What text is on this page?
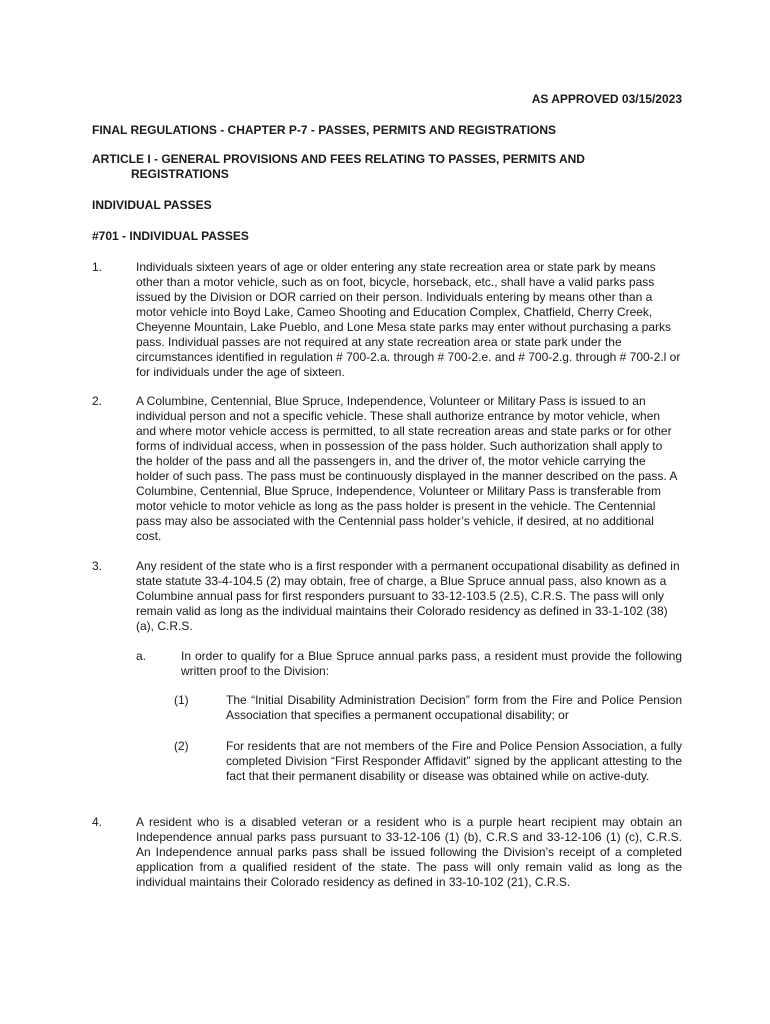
AS APPROVED 03/15/2023
FINAL REGULATIONS - CHAPTER P-7 - PASSES, PERMITS AND REGISTRATIONS
ARTICLE I - GENERAL PROVISIONS AND FEES RELATING TO PASSES, PERMITS AND
REGISTRATIONS
INDIVIDUAL PASSES
#701 - INDIVIDUAL PASSES
1.	Individuals sixteen years of age or older entering any state recreation area or state park by means other than a motor vehicle, such as on foot, bicycle, horseback, etc., shall have a valid parks pass issued by the Division or DOR carried on their person. Individuals entering by means other than a motor vehicle into Boyd Lake, Cameo Shooting and Education Complex, Chatfield, Cherry Creek, Cheyenne Mountain, Lake Pueblo, and Lone Mesa state parks may enter without purchasing a parks pass. Individual passes are not required at any state recreation area or state park under the circumstances identified in regulation # 700-2.a. through # 700-2.e. and # 700-2.g. through # 700-2.l or for individuals under the age of sixteen.
2.	A Columbine, Centennial, Blue Spruce, Independence, Volunteer or Military Pass is issued to an individual person and not a specific vehicle. These shall authorize entrance by motor vehicle, when and where motor vehicle access is permitted, to all state recreation areas and state parks or for other forms of individual access, when in possession of the pass holder. Such authorization shall apply to the holder of the pass and all the passengers in, and the driver of, the motor vehicle carrying the holder of such pass. The pass must be continuously displayed in the manner described on the pass. A Columbine, Centennial, Blue Spruce, Independence, Volunteer or Military Pass is transferable from motor vehicle to motor vehicle as long as the pass holder is present in the vehicle. The Centennial pass may also be associated with the Centennial pass holder’s vehicle, if desired, at no additional cost.
3.	Any resident of the state who is a first responder with a permanent occupational disability as defined in state statute 33-4-104.5 (2) may obtain, free of charge, a Blue Spruce annual pass, also known as a Columbine annual pass for first responders pursuant to 33-12-103.5 (2.5), C.R.S. The pass will only remain valid as long as the individual maintains their Colorado residency as defined in 33-1-102 (38) (a), C.R.S.
a.	In order to qualify for a Blue Spruce annual parks pass, a resident must provide the following written proof to the Division:
(1)	The “Initial Disability Administration Decision” form from the Fire and Police Pension Association that specifies a permanent occupational disability; or
(2)	For residents that are not members of the Fire and Police Pension Association, a fully completed Division “First Responder Affidavit” signed by the applicant attesting to the fact that their permanent disability or disease was obtained while on active-duty.
4.	A resident who is a disabled veteran or a resident who is a purple heart recipient may obtain an Independence annual parks pass pursuant to 33-12-106 (1) (b), C.R.S and 33-12-106 (1) (c), C.R.S. An Independence annual parks pass shall be issued following the Division’s receipt of a completed application from a qualified resident of the state. The pass will only remain valid as long as the individual maintains their Colorado residency as defined in 33-10-102 (21), C.R.S.
